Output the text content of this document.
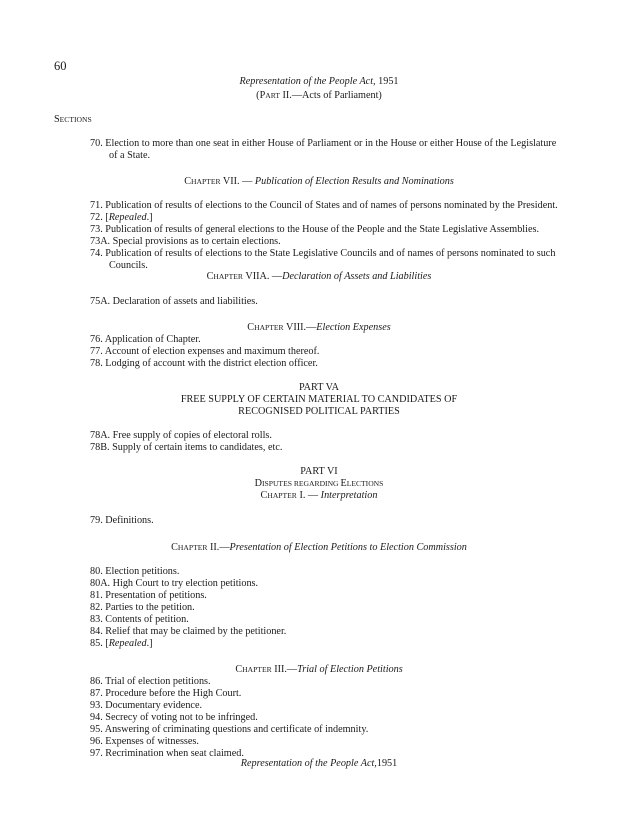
60
Representation of the People Act, 1951
(PART II.—Acts of Parliament)
SECTIONS
70. Election to more than one seat in either House of Parliament or in the House or either House of the Legislature
of a State.
CHAPTER VII. — Publication of Election Results and Nominations
71. Publication of results of elections to the Council of States and of names of persons nominated by the President.
72. [Repealed.]
73. Publication of results of general elections to the House of the People and the State Legislative Assemblies.
73A. Special provisions as to certain elections.
74. Publication of results of elections to the State Legislative Councils and of names of persons nominated to such
Councils.
CHAPTER VIIA. —Declaration of Assets and Liabilities
75A. Declaration of assets and liabilities.
CHAPTER VIII.—Election Expenses
76. Application of Chapter.
77. Account of election expenses and maximum thereof.
78. Lodging of account with the district election officer.
PART VA
FREE SUPPLY OF CERTAIN MATERIAL TO CANDIDATES OF
RECOGNISED POLITICAL PARTIES
78A. Free supply of copies of electoral rolls.
78B. Supply of certain items to candidates, etc.
PART VI
DISPUTES REGARDING ELECTIONS
CHAPTER I. — Interpretation
79. Definitions.
CHAPTER II.—Presentation of Election Petitions to Election Commission
80. Election petitions.
80A. High Court to try election petitions.
81. Presentation of petitions.
82. Parties to the petition.
83. Contents of petition.
84. Relief that may be claimed by the petitioner.
85. [Repealed.]
CHAPTER III.—Trial of Election Petitions
86. Trial of election petitions.
87. Procedure before the High Court.
93. Documentary evidence.
94. Secrecy of voting not to be infringed.
95. Answering of criminating questions and certificate of indemnity.
96. Expenses of witnesses.
97. Recrimination when seat claimed.
Representation of the People Act,1951
